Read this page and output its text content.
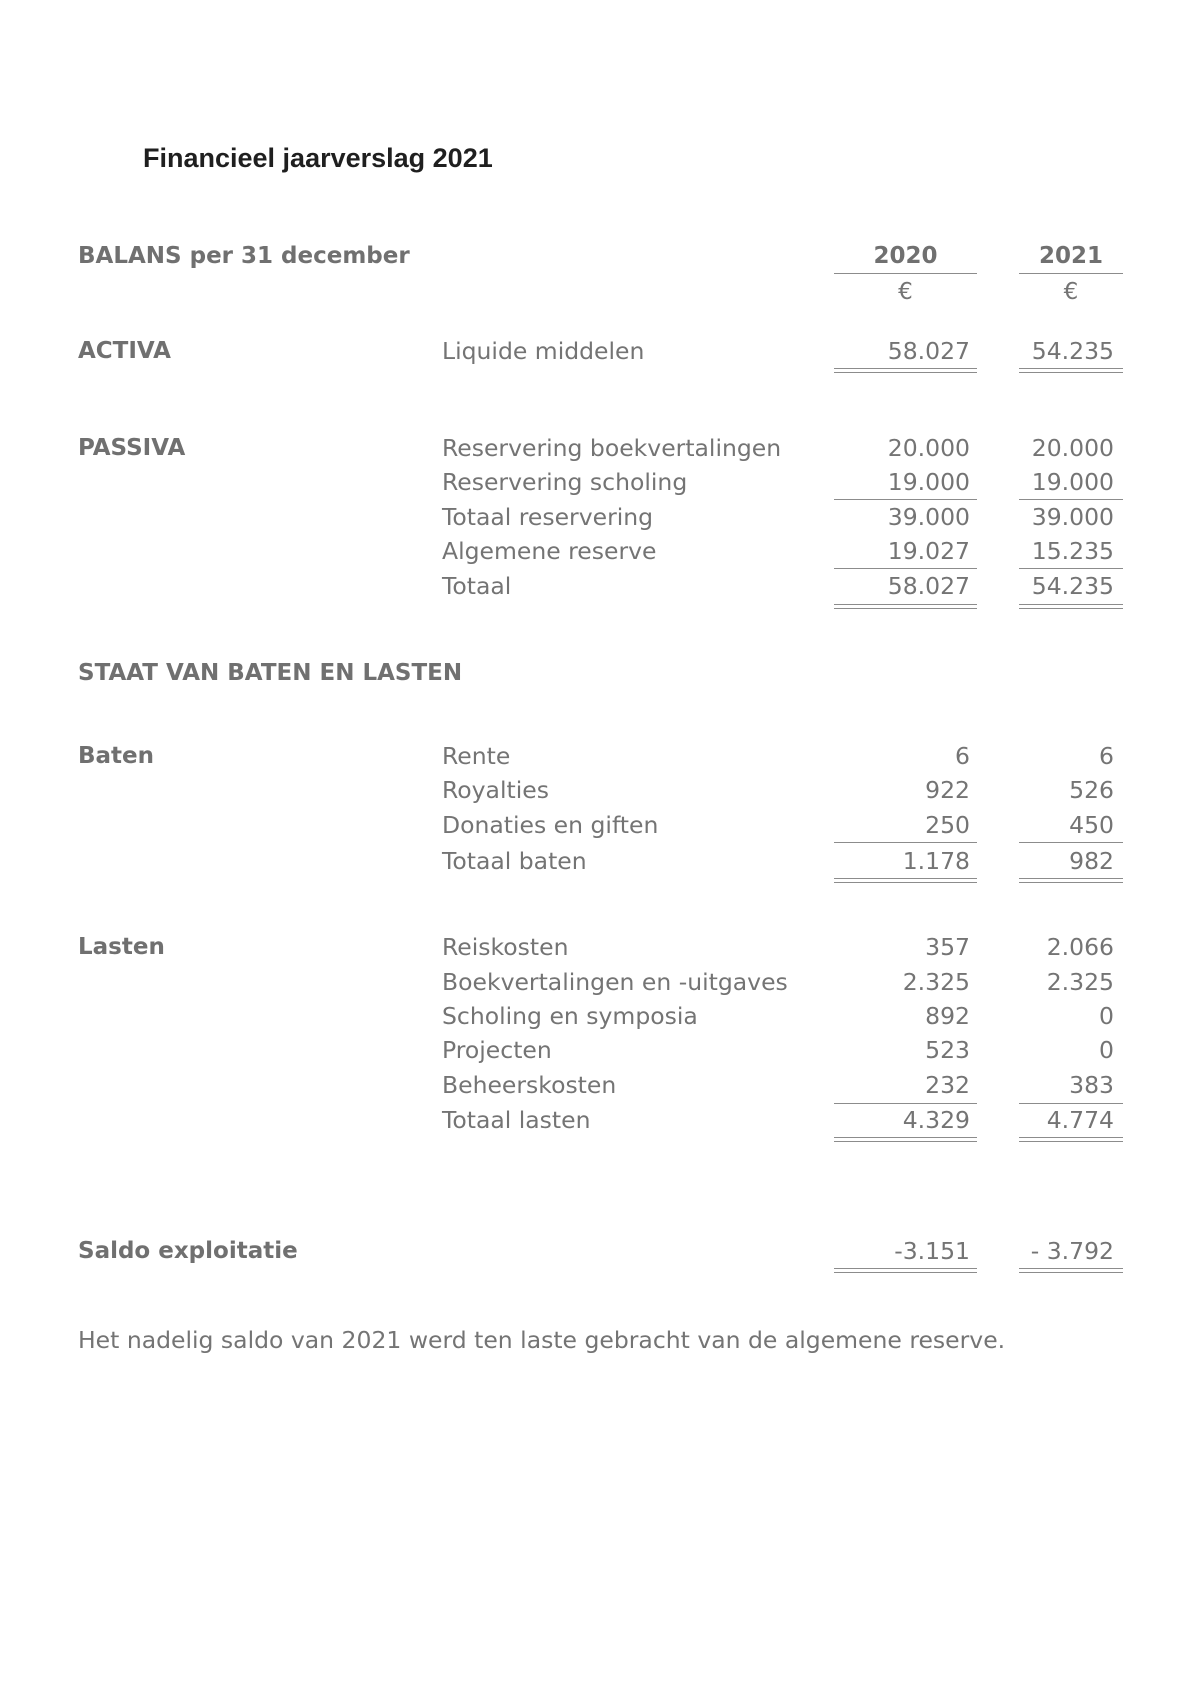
Financieel jaarverslag 2021
BALANS per 31 december	2020	2021
€	€
ACTIVA	Liquide middelen	58.027	54.235
PASSIVA	Reservering boekvertalingen	20.000	20.000
Reservering scholing	19.000	19.000
Totaal reservering	39.000	39.000
Algemene reserve	19.027	15.235
Totaal	58.027	54.235
STAAT VAN BATEN EN LASTEN
Baten	Rente	6	6
Royalties	922	526
Donaties en giften	250	450
Totaal baten	1.178	982
Lasten	Reiskosten	357	2.066
Boekvertalingen en -uitgaves	2.325	2.325
Scholing en symposia	892	0
Projecten	523	0
Beheerskosten	232	383
Totaal lasten	4.329	4.774
Saldo exploitatie	-3.151	- 3.792
Het nadelig saldo van 2021 werd ten laste gebracht van de algemene reserve.
